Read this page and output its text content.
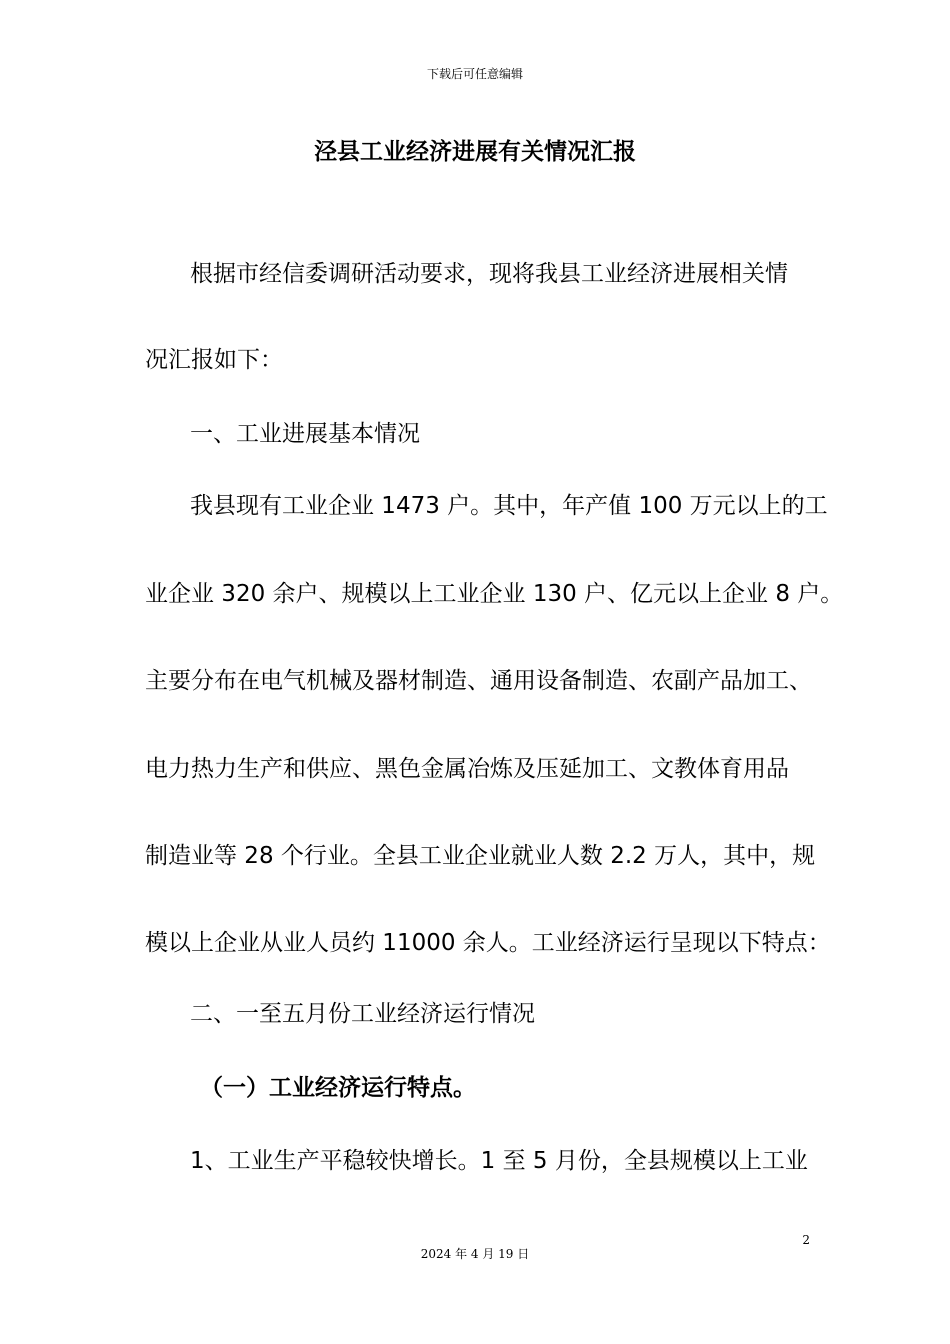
下载后可任意编辑
泾县工业经济进展有关情况汇报
根据市经信委调研活动要求，现将我县工业经济进展相关情
况汇报如下：
一、工业进展基本情况
我县现有工业企业 1473 户。其中，年产值 100 万元以上的工
业企业 320 余户、规模以上工业企业 130 户、亿元以上企业 8 户。
主要分布在电气机械及器材制造、通用设备制造、农副产品加工、
电力热力生产和供应、黑色金属冶炼及压延加工、文教体育用品
制造业等 28 个行业。全县工业企业就业人数 2.2 万人，其中，规
模以上企业从业人员约 11000 余人。工业经济运行呈现以下特点：
二、一至五月份工业经济运行情况
（一）工业经济运行特点。
1、工业生产平稳较快增长。1 至 5 月份，全县规模以上工业
2
2024 年 4 月 19 日
